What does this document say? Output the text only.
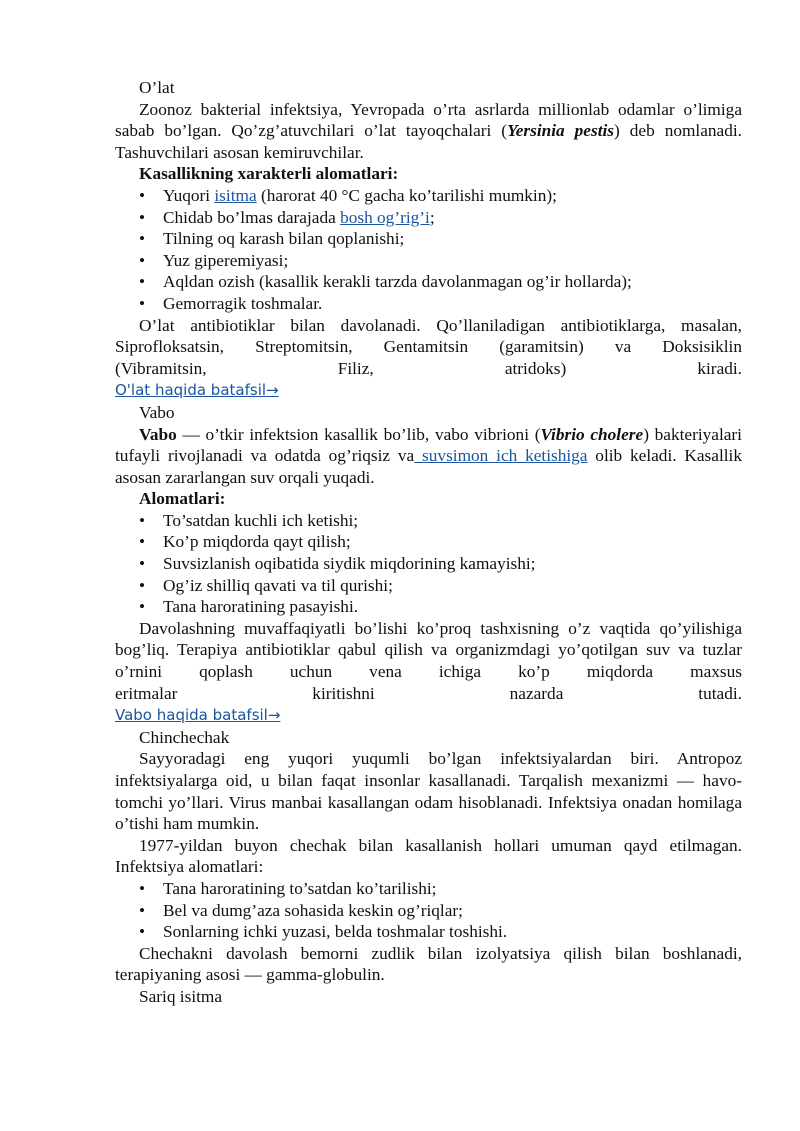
O’lat

Zoonoz bakterial infektsiya, Yevropada o’rta asrlarda millionlab odamlar o’limiga sabab bo’lgan. Qo’zg’atuvchilari o’lat tayoqchalari (Yersinia pestis) deb nomlanadi. Tashuvchilari asosan kemiruvchilar.

Kasallikning xarakterli alomatlari:

• Yuqori isitma (harorat 40 °C gacha ko’tarilishi mumkin);
• Chidab bo’lmas darajada bosh og’rig’i;
• Tilning oq karash bilan qoplanishi;
• Yuz giperemiyasi;
• Aqldan ozish (kasallik kerakli tarzda davolanmagan og’ir hollarda);
• Gemorragik toshmalar.

O’lat antibiotiklar bilan davolanadi. Qo’llaniladigan antibiotiklarga, masalan, Siprofloksatsin, Streptomitsin, Gentamitsin (garamitsin) va Doksisiklin

(Vibramitsin, Filiz, atridoks) kiradi.

O'lat haqida batafsil→

Vabo

Vabo — o’tkir infektsion kasallik bo’lib, vabo vibrioni (Vibrio cholere) bakteriyalari tufayli rivojlanadi va odatda og’riqsiz va suvsimon ich ketishiga olib keladi. Kasallik asosan zararlangan suv orqali yuqadi.

Alomatlari:

• To’satdan kuchli ich ketishi;
• Ko’p miqdorda qayt qilish;
• Suvsizlanish oqibatida siydik miqdorining kamayishi;
• Og’iz shilliq qavati va til qurishi;
• Tana haroratining pasayishi.

Davolashning muvaffaqiyatli bo’lishi ko’proq tashxisning o’z vaqtida qo’yilishiga bog’liq. Terapiya antibiotiklar qabul qilish va organizmdagi yo’qotilgan suv va tuzlar o’rnini qoplash uchun vena ichiga ko’p miqdorda maxsus

eritmalar kiritishni nazarda tutadi.

Vabo haqida batafsil→

Chinchechak

Sayyoradagi eng yuqori yuqumli bo’lgan infektsiyalardan biri. Antropoz infektsiyalarga oid, u bilan faqat insonlar kasallanadi. Tarqalish mexanizmi — havo-tomchi yo’llari. Virus manbai kasallangan odam hisoblanadi. Infektsiya onadan homilaga o’tishi ham mumkin.

1977-yildan buyon chechak bilan kasallanish hollari umuman qayd etilmagan. Infektsiya alomatlari:

• Tana haroratining to’satdan ko’tarilishi;
• Bel va dumg’aza sohasida keskin og’riqlar;
• Sonlarning ichki yuzasi, belda toshmalar toshishi.

Chechakni davolash bemorni zudlik bilan izolyatsiya qilish bilan boshlanadi, terapiyaning asosi — gamma-globulin.

Sariq isitma
